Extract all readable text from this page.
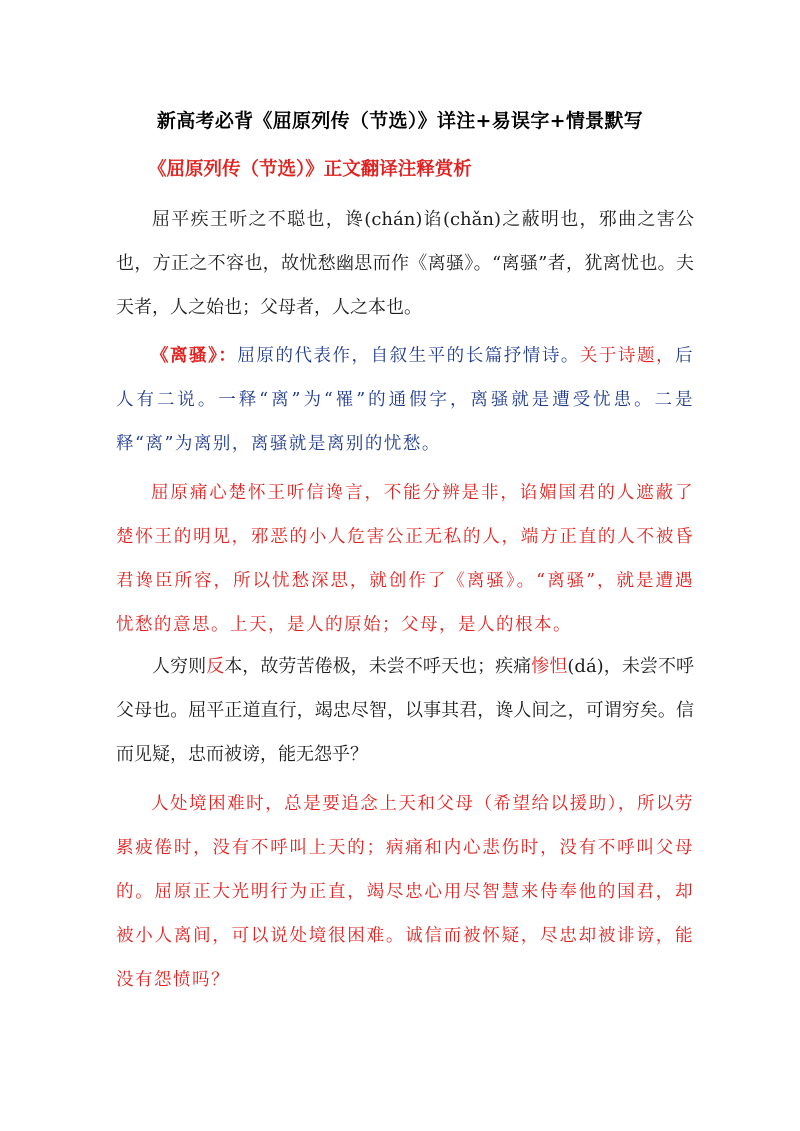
新高考必背《屈原列传（节选）》详注+易误字+情景默写
《屈原列传（节选）》正文翻译注释赏析

屈平疾王听之不聪也，谗(chán)谄(chǎn)之蔽明也，邪曲之害公也，方正之不容也，故忧愁幽思而作《离骚》。“离骚”者，犹离忧也。夫天者，人之始也；父母者，人之本也。

《离骚》：屈原的代表作，自叙生平的长篇抒情诗。关于诗题，后人有二说。一释“离”为“罹”的通假字，离骚就是遭受忧患。二是释“离”为离别，离骚就是离别的忧愁。

屈原痛心楚怀王听信谗言，不能分辨是非，谄媚国君的人遮蔽了楚怀王的明见，邪恶的小人危害公正无私的人，端方正直的人不被昏君谗臣所容，所以忧愁深思，就创作了《离骚》。“离骚”，就是遭遇忧愁的意思。上天，是人的原始；父母，是人的根本。

人穷则反本，故劳苦倦极，未尝不呼天也；疾痛惨怛(dá)，未尝不呼父母也。屈平正道直行，竭忠尽智，以事其君，谗人间之，可谓穷矣。信而见疑，忠而被谤，能无怨乎？

人处境困难时，总是要追念上天和父母（希望给以援助），所以劳累疲倦时，没有不呼叫上天的；病痛和内心悲伤时，没有不呼叫父母的。屈原正大光明行为正直，竭尽忠心用尽智慧来侍奉他的国君，却被小人离间，可以说处境很困难。诚信而被怀疑，尽忠却被诽谤，能没有怨愤吗？
